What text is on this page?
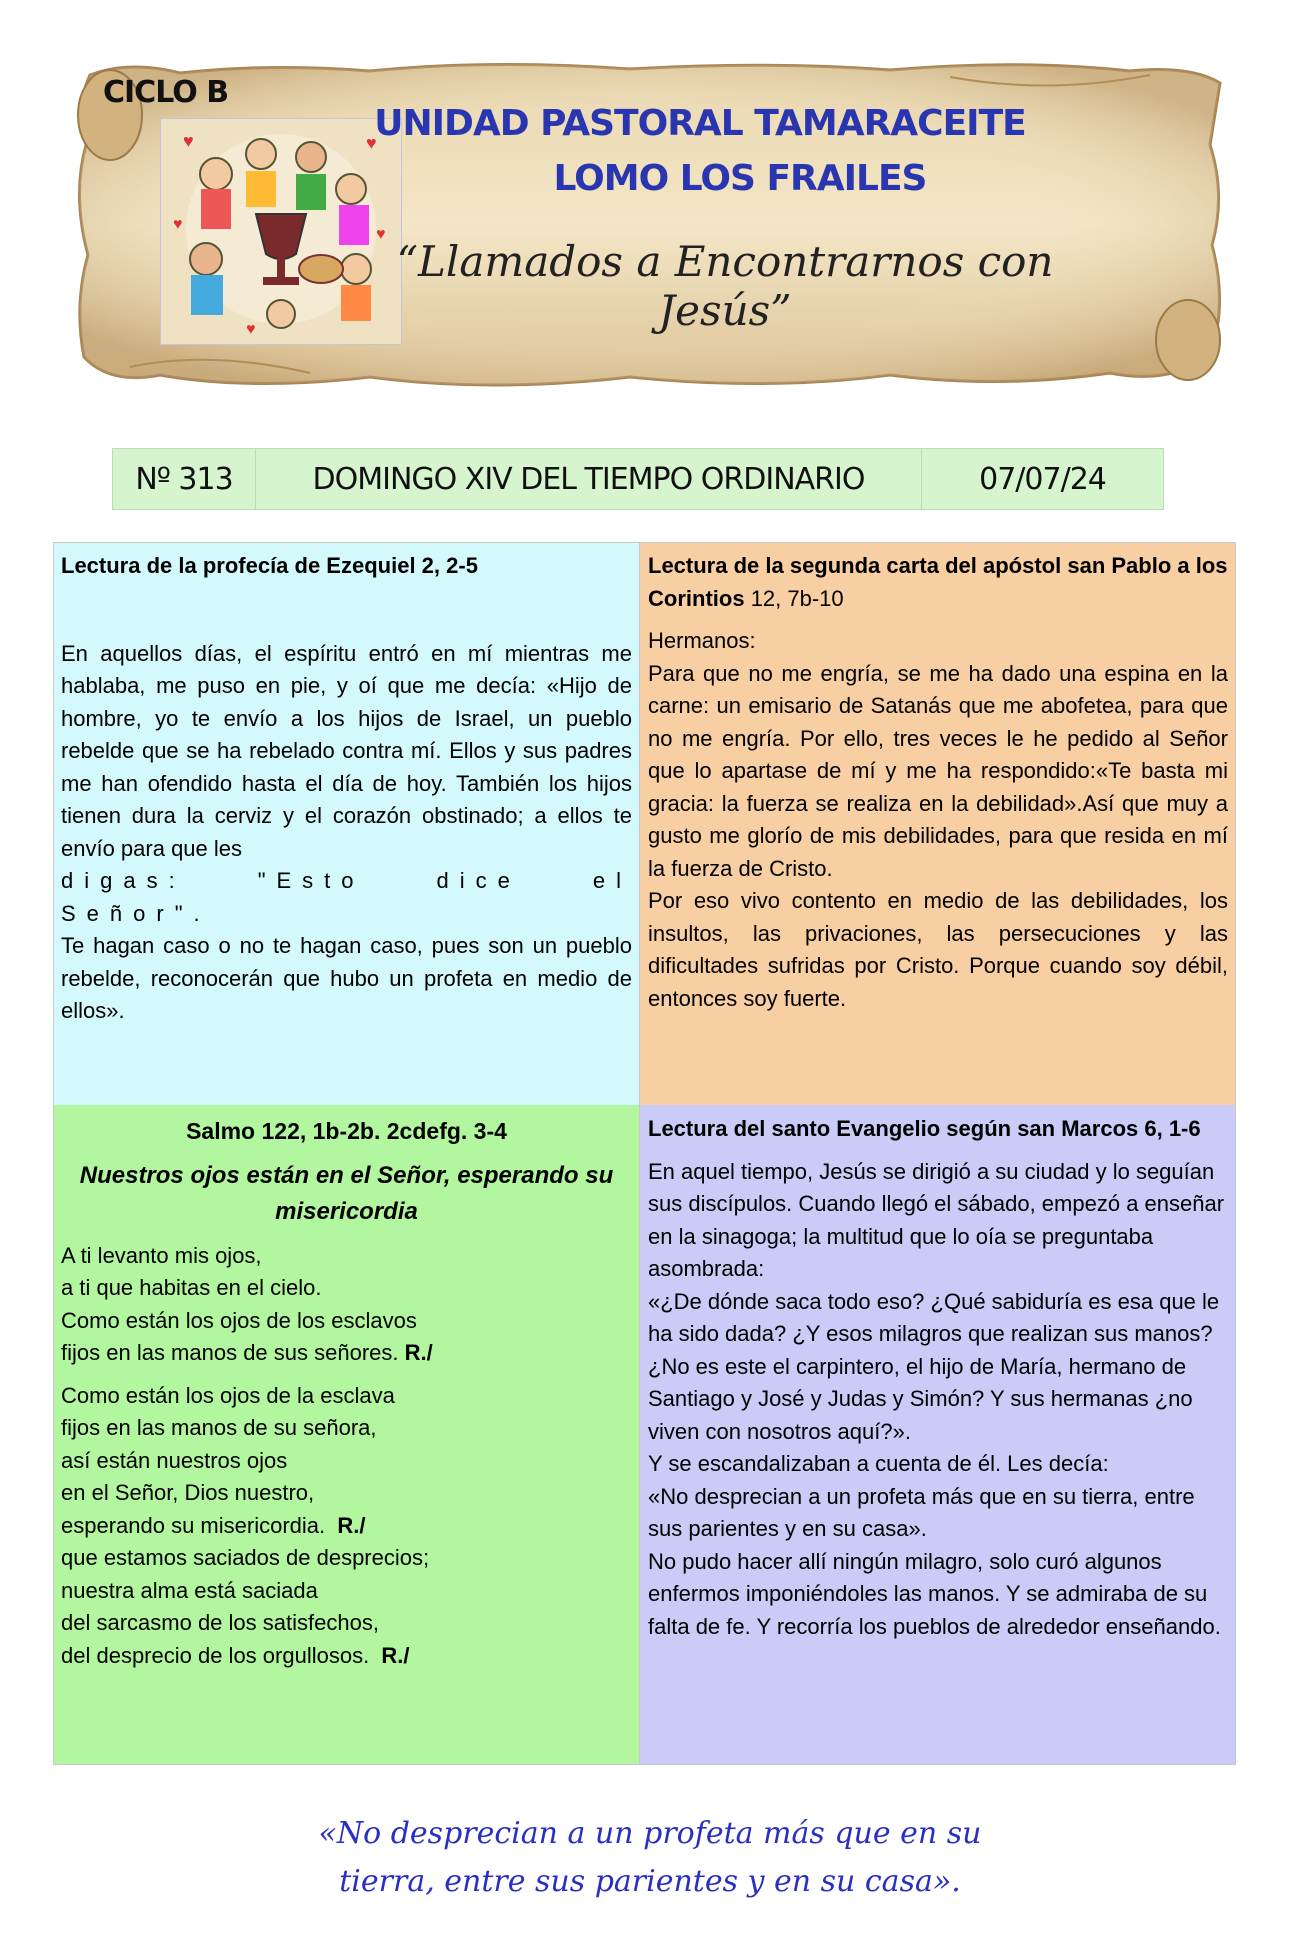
♥	♥
♥
♥
♥
CICLO B
UNIDAD PASTORAL TAMARACEITE
LOMO LOS FRAILES
“Llamados a Encontrarnos con Jesús”
Nº 313	DOMINGO XIV DEL TIEMPO ORDINARIO	07/07/24

Lectura de la profecía de Ezequiel 2, 2-5

En aquellos días, el espíritu entró en mí mientras me hablaba, me puso en pie, y oí que me decía: «Hijo de hombre, yo te envío a los hijos de Israel, un pueblo rebelde que se ha rebelado contra mí. Ellos y sus padres me han ofendido hasta el día de hoy. También los hijos tienen dura la cerviz y el corazón obstinado; a ellos te envío para que les

digas: "Esto dice el Señor".

Te hagan caso o no te hagan caso, pues son un pueblo rebelde, reconocerán que hubo un profeta en medio de ellos».

Lectura de la segunda carta del apóstol san Pablo a los Corintios 12, 7b-10

Hermanos:

Para que no me engría, se me ha dado una espina en la carne: un emisario de Satanás que me abofetea, para que no me engría. Por ello, tres veces le he pedido al Señor que lo apartase de mí y me ha respondido:«Te basta mi gracia: la fuerza se realiza en la debilidad».Así que muy a gusto me glorío de mis debilidades, para que resida en mí la fuerza de Cristo.

Por eso vivo contento en medio de las debilidades, los insultos, las privaciones, las persecuciones y las dificultades sufridas por Cristo. Porque cuando soy débil, entonces soy fuerte.

Salmo 122, 1b-2b. 2cdefg. 3-4

Nuestros ojos están en el Señor, esperando su misericordia

A ti levanto mis ojos,

a ti que habitas en el cielo.

Como están los ojos de los esclavos

fijos en las manos de sus señores. R./

Como están los ojos de la esclava

fijos en las manos de su señora,

así están nuestros ojos

en el Señor, Dios nuestro,

esperando su misericordia. R./

que estamos saciados de desprecios;

nuestra alma está saciada

del sarcasmo de los satisfechos,

del desprecio de los orgullosos. R./

Lectura del santo Evangelio según san Marcos 6, 1-6

En aquel tiempo, Jesús se dirigió a su ciudad y lo seguían sus discípulos. Cuando llegó el sábado, empezó a enseñar en la sinagoga; la multitud que lo oía se preguntaba asombrada:

«¿De dónde saca todo eso? ¿Qué sabiduría es esa que le ha sido dada? ¿Y esos milagros que realizan sus manos? ¿No es este el carpintero, el hijo de María, hermano de Santiago y José y Judas y Simón? Y sus hermanas ¿no viven con nosotros aquí?».

Y se escandalizaban a cuenta de él. Les decía:

«No desprecian a un profeta más que en su tierra, entre sus parientes y en su casa».

No pudo hacer allí ningún milagro, solo curó algunos enfermos imponiéndoles las manos. Y se admiraba de su falta de fe. Y recorría los pueblos de alrededor enseñando.

«No desprecian a un profeta más que en su

tierra, entre sus parientes y en su casa».
